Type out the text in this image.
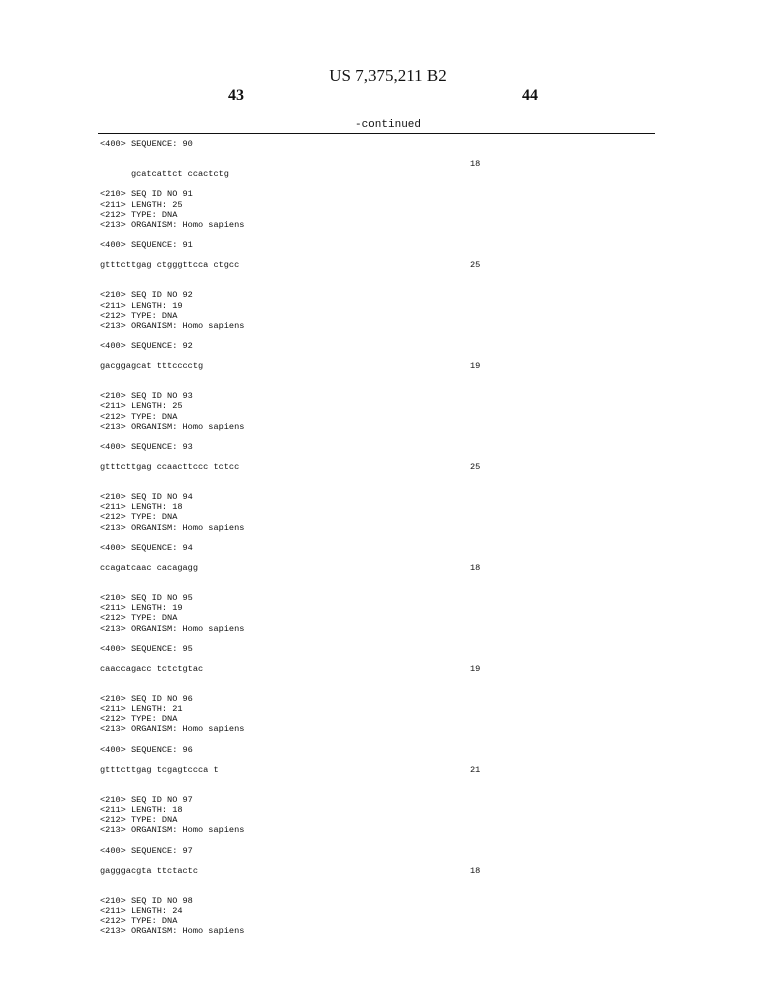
US 7,375,211 B2
43	44
-continued
<400> SEQUENCE: 90

gcatcattct ccactctg

18

<210> SEQ ID NO 91
<211> LENGTH: 25
<212> TYPE: DNA
<213> ORGANISM: Homo sapiens
<400> SEQUENCE: 91
gtttcttgag ctgggttcca ctgcc	25
<210> SEQ ID NO 92
<211> LENGTH: 19
<212> TYPE: DNA
<213> ORGANISM: Homo sapiens
<400> SEQUENCE: 92
gacggagcat tttcccctg	19
<210> SEQ ID NO 93
<211> LENGTH: 25
<212> TYPE: DNA
<213> ORGANISM: Homo sapiens
<400> SEQUENCE: 93
gtttcttgag ccaacttccc tctcc	25
<210> SEQ ID NO 94
<211> LENGTH: 18
<212> TYPE: DNA
<213> ORGANISM: Homo sapiens
<400> SEQUENCE: 94
ccagatcaac cacagagg	18
<210> SEQ ID NO 95
<211> LENGTH: 19
<212> TYPE: DNA
<213> ORGANISM: Homo sapiens
<400> SEQUENCE: 95
caaccagacc tctctgtac	19
<210> SEQ ID NO 96
<211> LENGTH: 21
<212> TYPE: DNA
<213> ORGANISM: Homo sapiens
<400> SEQUENCE: 96
gtttcttgag tcgagtccca t	21
<210> SEQ ID NO 97
<211> LENGTH: 18
<212> TYPE: DNA
<213> ORGANISM: Homo sapiens
<400> SEQUENCE: 97
gagggacgta ttctactc	18
<210> SEQ ID NO 98
<211> LENGTH: 24
<212> TYPE: DNA
<213> ORGANISM: Homo sapiens
